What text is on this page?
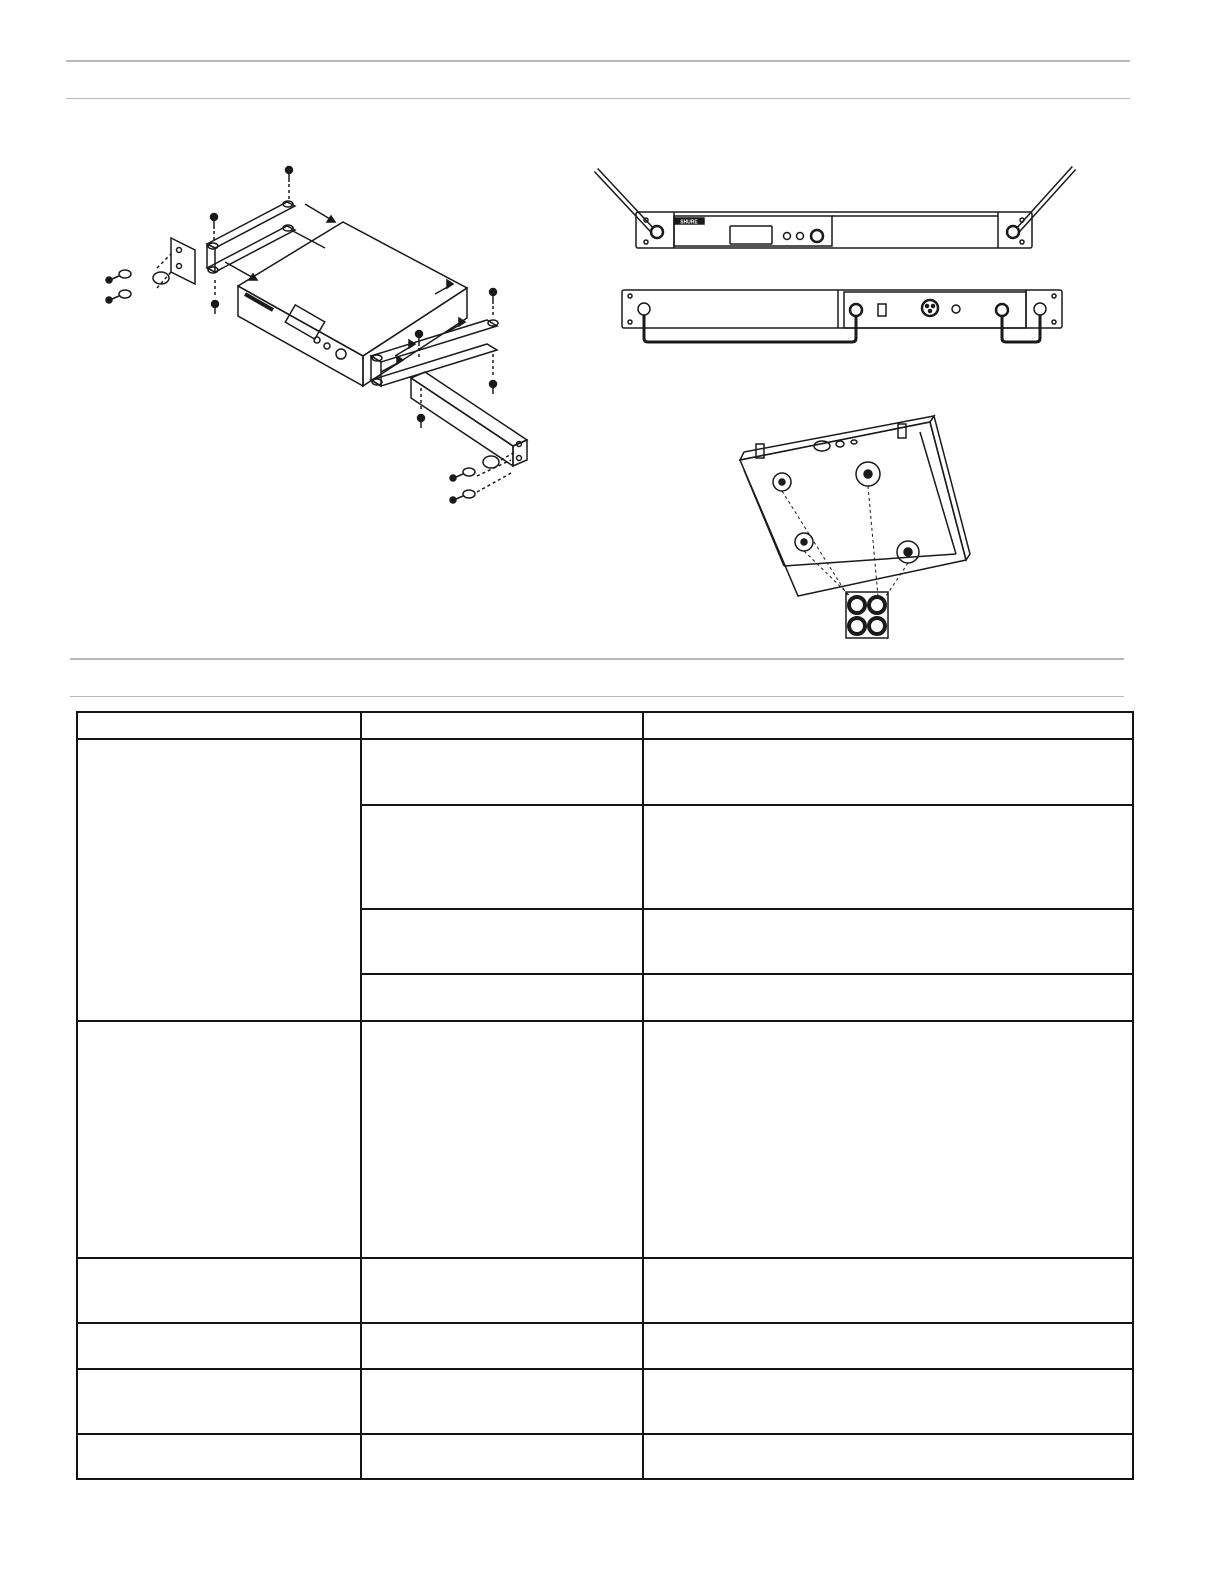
SHURE
